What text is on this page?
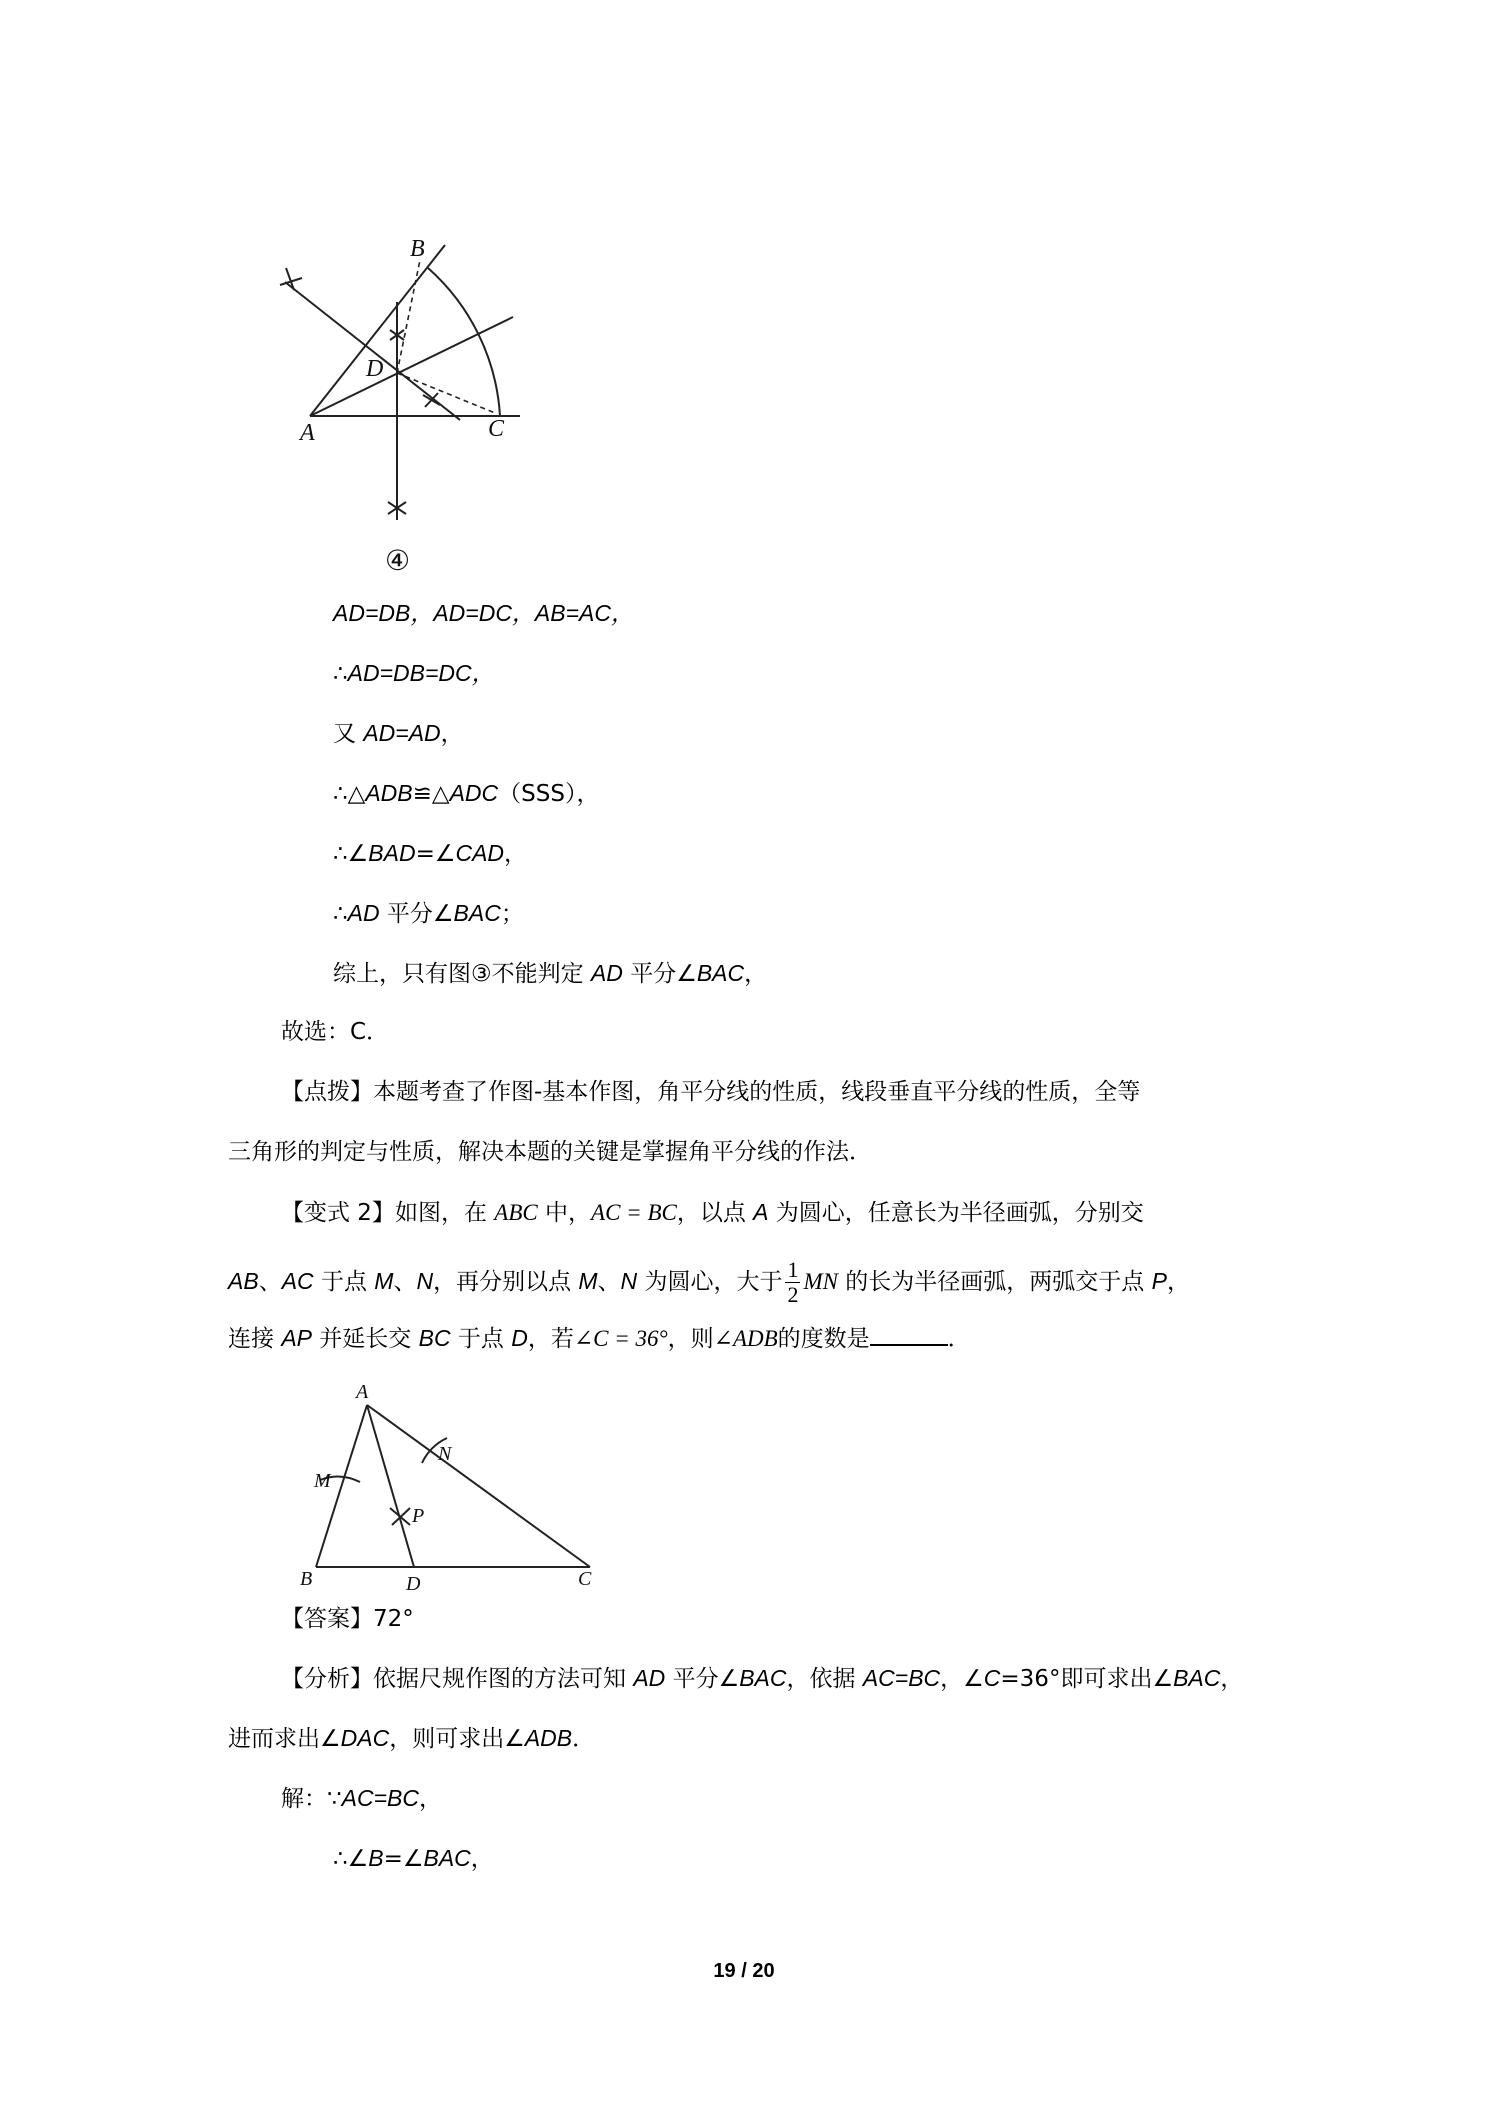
A
B
C
D
④
AD=DB，AD=DC，AB=AC，
∴AD=DB=DC，
又 AD=AD，
∴△ADB≌△ADC（SSS），
∴∠BAD=∠CAD，
∴AD 平分∠BAC；
综上，只有图③不能判定 AD 平分∠BAC，
故选：C．
【点拨】本题考查了作图-基本作图，角平分线的性质，线段垂直平分线的性质，全等
三角形的判定与性质，解决本题的关键是掌握角平分线的作法．
【变式 2】如图，在 ABC 中，AC = BC，以点 A 为圆心，任意长为半径画弧，分别交
AB、AC 于点 M、N，再分别以点 M、N 为圆心，大于 $\frac{1}{2}$ MN 的长为半径画弧，两弧交于点 P，
连接 AP 并延长交 BC 于点 D，若∠C = 36°，则∠ADB的度数是	．
A
B	C
D
M
N
P
【答案】72°
【分析】依据尺规作图的方法可知 AD 平分∠BAC，依据 AC=BC，∠C=36°即可求出∠BAC，
进而求出∠DAC，则可求出∠ADB．
解：∵AC=BC，
∴∠B=∠BAC，
19 / 20
